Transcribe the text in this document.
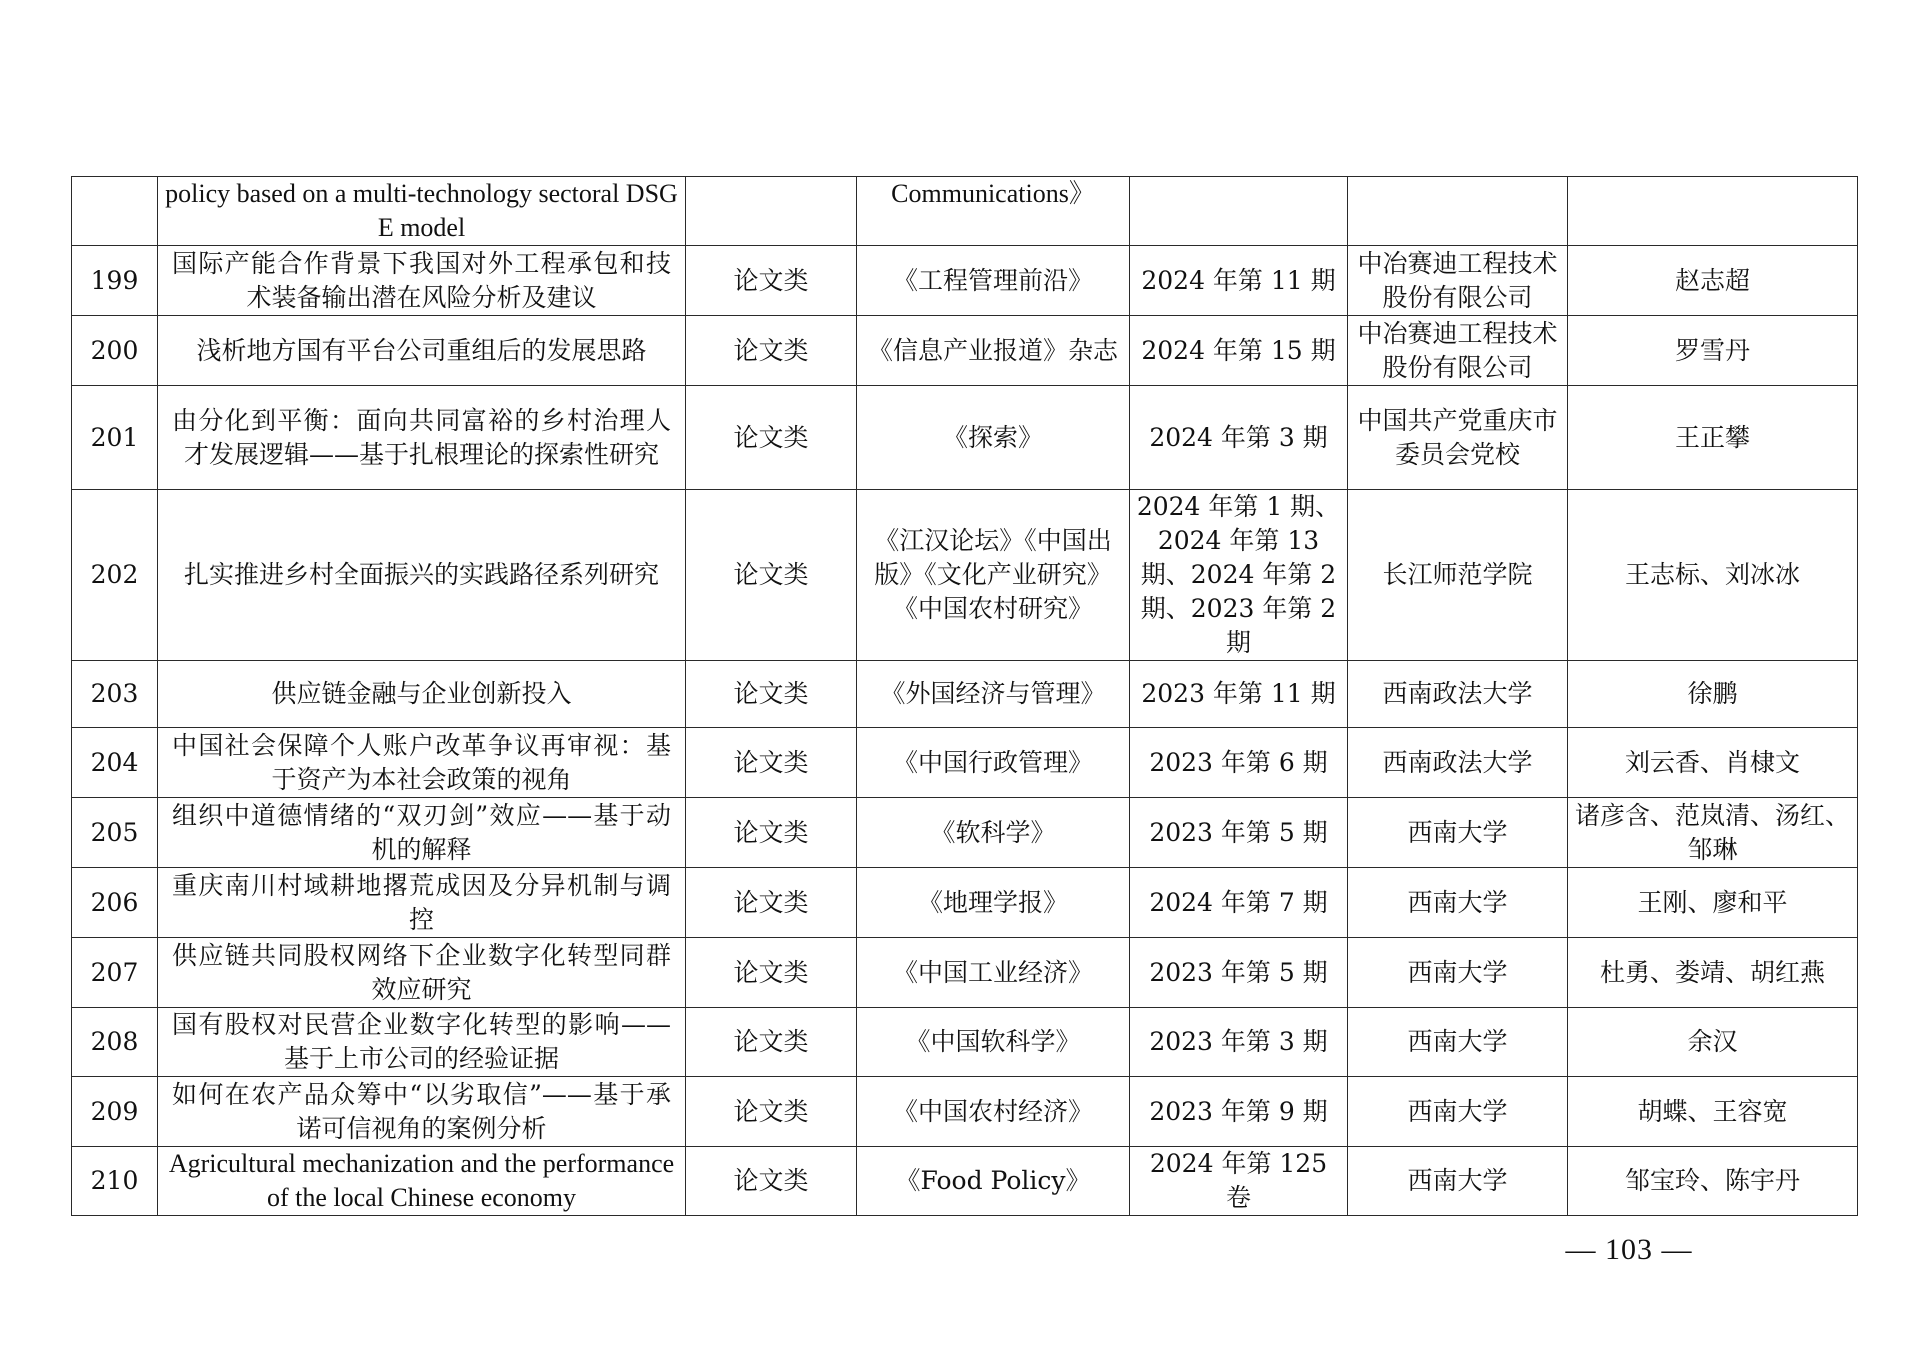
	policy based on a multi-technology sectoral DSGE model		Communications》			
199	国际产能合作背景下我国对外工程承包和技术装备输出潜在风险分析及建议	论文类	《工程管理前沿》	2024 年第 11 期	中冶赛迪工程技术股份有限公司	赵志超
200	浅析地方国有平台公司重组后的发展思路	论文类	《信息产业报道》杂志	2024 年第 15 期	中冶赛迪工程技术股份有限公司	罗雪丹
201	由分化到平衡：面向共同富裕的乡村治理人才发展逻辑——基于扎根理论的探索性研究	论文类	《探索》	2024 年第 3 期	中国共产党重庆市委员会党校	王正攀
202	扎实推进乡村全面振兴的实践路径系列研究	论文类	《江汉论坛》《中国出版》《文化产业研究》《中国农村研究》	2024 年第 1 期、2024 年第 13 期、2024 年第 2 期、2023 年第 2 期	长江师范学院	王志标、刘冰冰
203	供应链金融与企业创新投入	论文类	《外国经济与管理》	2023 年第 11 期	西南政法大学	徐鹏
204	中国社会保障个人账户改革争议再审视：基于资产为本社会政策的视角	论文类	《中国行政管理》	2023 年第 6 期	西南政法大学	刘云香、肖棣文
205	组织中道德情绪的“双刃剑”效应——基于动机的解释	论文类	《软科学》	2023 年第 5 期	西南大学	诸彦含、范岚清、汤红、邹琳
206	重庆南川村域耕地撂荒成因及分异机制与调控	论文类	《地理学报》	2024 年第 7 期	西南大学	王刚、廖和平
207	供应链共同股权网络下企业数字化转型同群效应研究	论文类	《中国工业经济》	2023 年第 5 期	西南大学	杜勇、娄靖、胡红燕
208	国有股权对民营企业数字化转型的影响——基于上市公司的经验证据	论文类	《中国软科学》	2023 年第 3 期	西南大学	余汉
209	如何在农产品众筹中“以劣取信”——基于承诺可信视角的案例分析	论文类	《中国农村经济》	2023 年第 9 期	西南大学	胡蝶、王容宽
210	Agricultural mechanization and the performance of the local Chinese economy	论文类	《Food Policy》	2024 年第 125 卷	西南大学	邹宝玲、陈宇丹
— 103 —
